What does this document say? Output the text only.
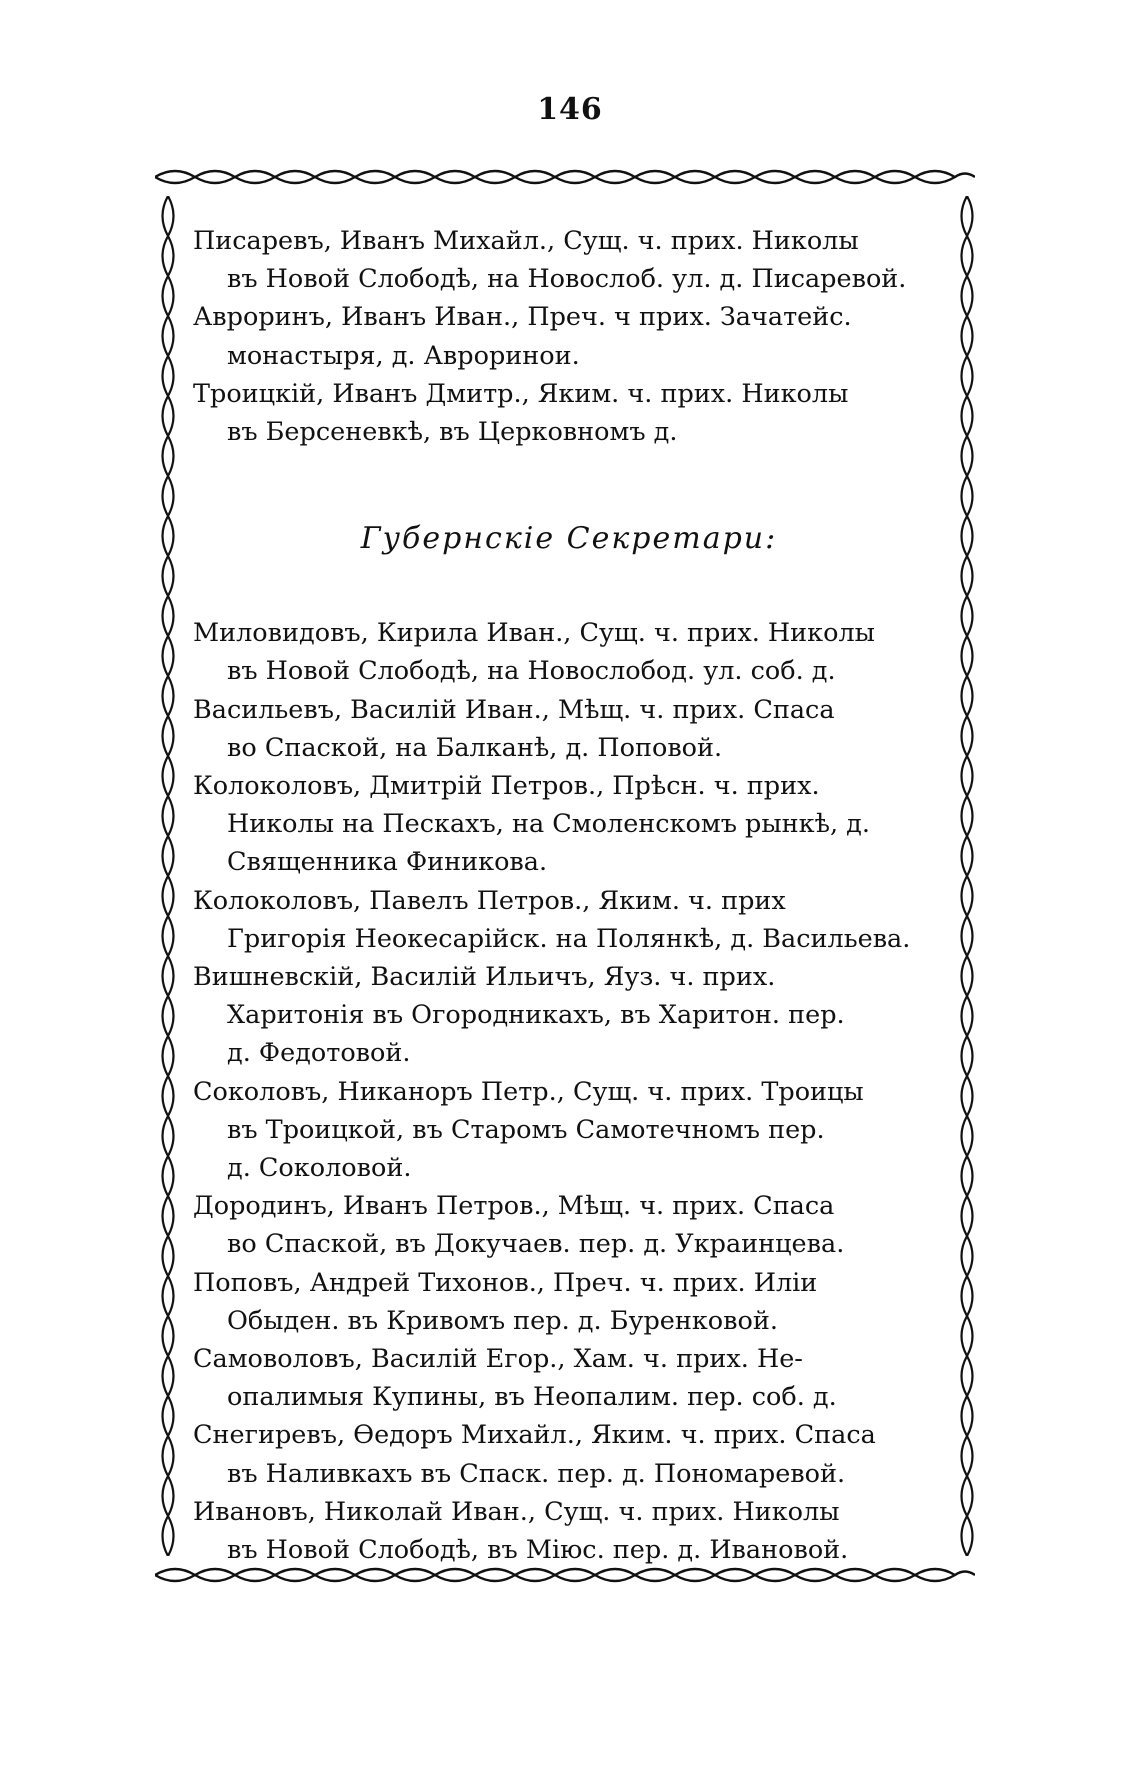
146
Писаревъ, Иванъ Михайл., Сущ. ч. прих. Николы
въ Новой Слободѣ, на Новослоб. ул. д. Писаревой.
Авроринъ, Иванъ Иван., Преч. ч прих. Зачатейс.
монастыря, д. Авроринои.
Троицкій, Иванъ Дмитр., Яким. ч. прих. Николы
въ Берсеневкѣ, въ Церковномъ д.
Губернскіе Секретари:
Миловидовъ, Кирила Иван., Сущ. ч. прих. Николы
въ Новой Слободѣ, на Новослобод. ул. соб. д.
Васильевъ, Василій Иван., Мѣщ. ч. прих. Спаса
во Спаской, на Балканѣ, д. Поповой.
Колоколовъ, Дмитрій Петров., Прѣсн. ч. прих.
Николы на Пескахъ, на Смоленскомъ рынкѣ, д.
Священника Финикова.
Колоколовъ, Павелъ Петров., Яким. ч. прих
Григорія Неокесарійск. на Полянкѣ, д. Васильева.
Вишневскій, Василій Ильичъ, Яуз. ч. прих.
Харитонія въ Огородникахъ, въ Харитон. пер.
д. Федотовой.
Соколовъ, Никаноръ Петр., Сущ. ч. прих. Троицы
въ Троицкой, въ Старомъ Самотечномъ пер.
д. Соколовой.
Дородинъ, Иванъ Петров., Мѣщ. ч. прих. Спаса
во Спаской, въ Докучаев. пер. д. Украинцева.
Поповъ, Андрей Тихонов., Преч. ч. прих. Иліи
Обыден. въ Кривомъ пер. д. Буренковой.
Самоволовъ, Василій Егор., Хам. ч. прих. Не-
опалимыя Купины, въ Неопалим. пер. соб. д.
Снегиревъ, Ѳедоръ Михайл., Яким. ч. прих. Спаса
въ Наливкахъ въ Спаск. пер. д. Пономаревой.
Ивановъ, Николай Иван., Сущ. ч. прих. Николы
въ Новой Слободѣ, въ Міюс. пер. д. Ивановой.
